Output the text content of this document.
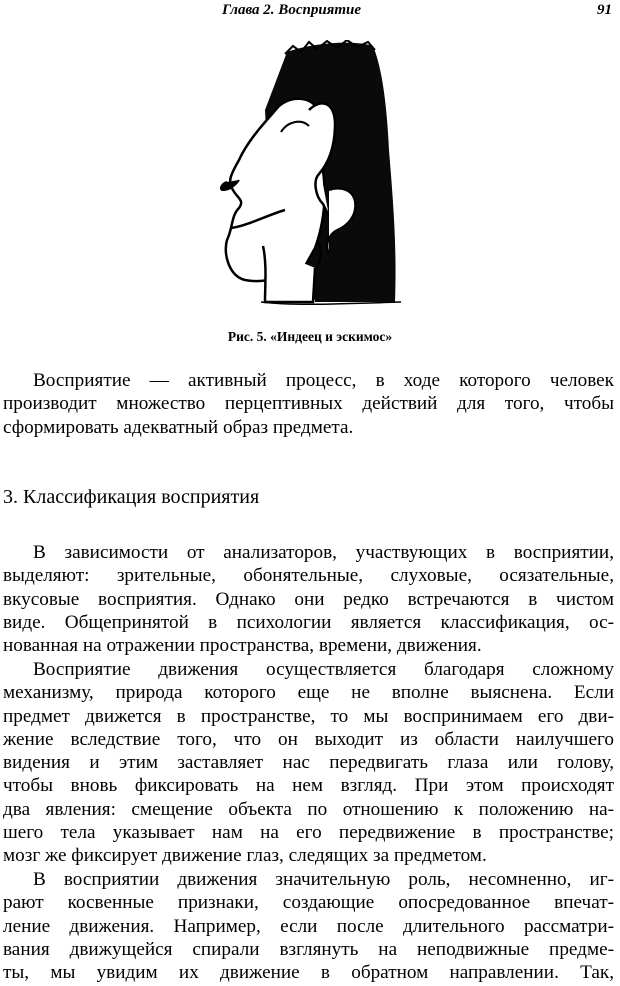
Глава 2. Восприятие	91
Рис. 5. «Индеец и эскимос»
Восприятие — активный процесс, в ходе которого человек
производит множество перцептивных действий для того, чтобы
сформировать адекватный образ предмета.
3. Классификация восприятия
В зависимости от анализаторов, участвующих в восприятии,
выделяют: зрительные, обонятельные, слуховые, осязательные,
вкусовые восприятия. Однако они редко встречаются в чистом
виде. Общепринятой в психологии является классификация, ос-
нованная на отражении пространства, времени, движения.
Восприятие движения осуществляется благодаря сложному
механизму, природа которого еще не вполне выяснена. Если
предмет движется в пространстве, то мы воспринимаем его дви-
жение вследствие того, что он выходит из области наилучшего
видения и этим заставляет нас передвигать глаза или голову,
чтобы вновь фиксировать на нем взгляд. При этом происходят
два явления: смещение объекта по отношению к положению на-
шего тела указывает нам на его передвижение в пространстве;
мозг же фиксирует движение глаз, следящих за предметом.
В восприятии движения значительную роль, несомненно, иг-
рают косвенные признаки, создающие опосредованное впечат-
ление движения. Например, если после длительного рассматри-
вания движущейся спирали взглянуть на неподвижные предме-
ты, мы увидим их движение в обратном направлении. Так,
